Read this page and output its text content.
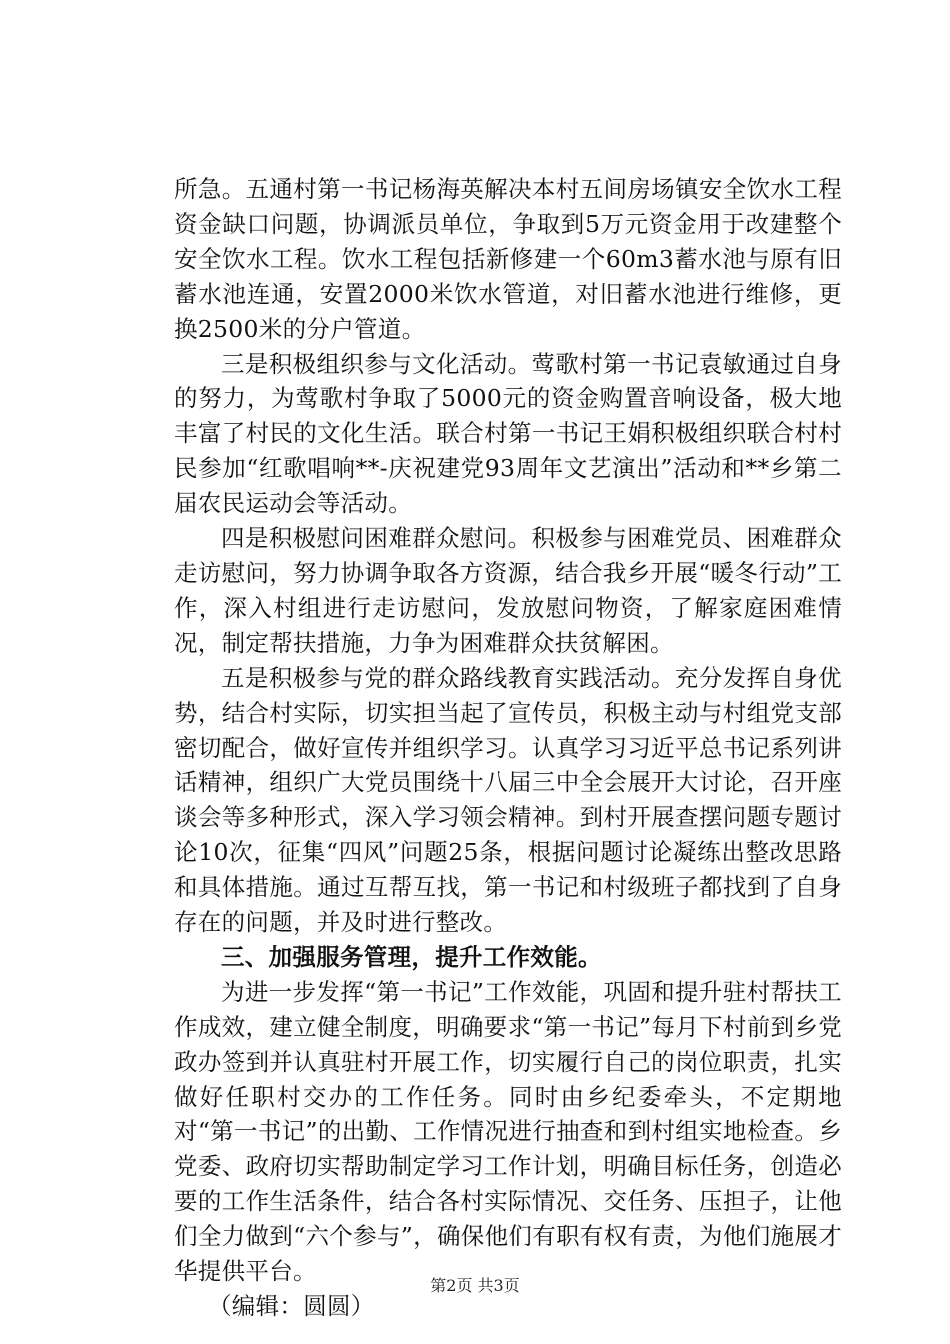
所急。五通村第一书记杨海英解决本村五间房场镇安全饮水工程资金缺口问题，协调派员单位，争取到5万元资金用于改建整个安全饮水工程。饮水工程包括新修建一个60m3蓄水池与原有旧蓄水池连通，安置2000米饮水管道，对旧蓄水池进行维修，更换2500米的分户管道。

三是积极组织参与文化活动。莺歌村第一书记袁敏通过自身的努力，为莺歌村争取了5000元的资金购置音响设备，极大地丰富了村民的文化生活。联合村第一书记王娟积极组织联合村村民参加“红歌唱响**-庆祝建党93周年文艺演出”活动和**乡第二届农民运动会等活动。

四是积极慰问困难群众慰问。积极参与困难党员、困难群众走访慰问，努力协调争取各方资源，结合我乡开展“暖冬行动”工作，深入村组进行走访慰问，发放慰问物资，了解家庭困难情况，制定帮扶措施，力争为困难群众扶贫解困。

五是积极参与党的群众路线教育实践活动。充分发挥自身优势，结合村实际，切实担当起了宣传员，积极主动与村组党支部密切配合，做好宣传并组织学习。认真学习习近平总书记系列讲话精神，组织广大党员围绕十八届三中全会展开大讨论，召开座谈会等多种形式，深入学习领会精神。到村开展查摆问题专题讨论10次，征集“四风”问题25条，根据问题讨论凝练出整改思路和具体措施。通过互帮互找，第一书记和村级班子都找到了自身存在的问题，并及时进行整改。

三、加强服务管理，提升工作效能。

为进一步发挥“第一书记”工作效能，巩固和提升驻村帮扶工作成效，建立健全制度，明确要求“第一书记”每月下村前到乡党政办签到并认真驻村开展工作，切实履行自己的岗位职责，扎实做好任职村交办的工作任务。同时由乡纪委牵头，不定期地对“第一书记”的出勤、工作情况进行抽查和到村组实地检查。乡党委、政府切实帮助制定学习工作计划，明确目标任务，创造必要的工作生活条件，结合各村实际情况、交任务、压担子，让他们全力做到“六个参与”，确保他们有职有权有责，为他们施展才华提供平台。

（编辑：圆圆）

第2页 共3页
